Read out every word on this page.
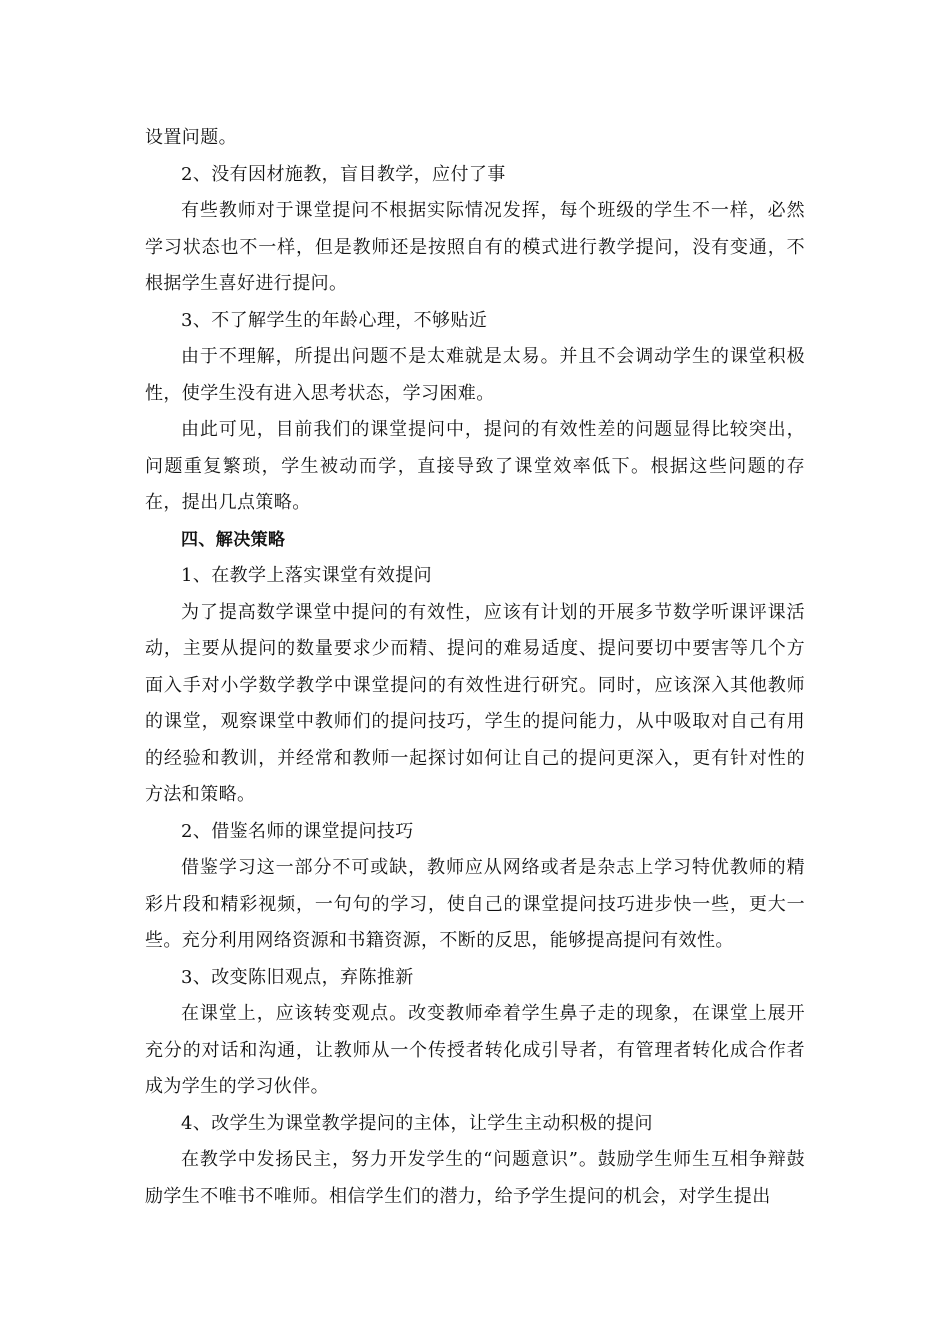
设置问题。

2、没有因材施教，盲目教学，应付了事

有些教师对于课堂提问不根据实际情况发挥，每个班级的学生不一样，必然学习状态也不一样，但是教师还是按照自有的模式进行教学提问，没有变通，不根据学生喜好进行提问。

3、不了解学生的年龄心理，不够贴近

由于不理解，所提出问题不是太难就是太易。并且不会调动学生的课堂积极性，使学生没有进入思考状态，学习困难。

由此可见，目前我们的课堂提问中，提问的有效性差的问题显得比较突出，问题重复繁琐，学生被动而学，直接导致了课堂效率低下。根据这些问题的存在，提出几点策略。

四、解决策略

1、在教学上落实课堂有效提问

为了提高数学课堂中提问的有效性，应该有计划的开展多节数学听课评课活动，主要从提问的数量要求少而精、提问的难易适度、提问要切中要害等几个方面入手对小学数学教学中课堂提问的有效性进行研究。同时，应该深入其他教师的课堂，观察课堂中教师们的提问技巧，学生的提问能力，从中吸取对自己有用的经验和教训，并经常和教师一起探讨如何让自己的提问更深入，更有针对性的方法和策略。

2、借鉴名师的课堂提问技巧

借鉴学习这一部分不可或缺，教师应从网络或者是杂志上学习特优教师的精彩片段和精彩视频，一句句的学习，使自己的课堂提问技巧进步快一些，更大一些。充分利用网络资源和书籍资源，不断的反思，能够提高提问有效性。

3、改变陈旧观点，弃陈推新

在课堂上，应该转变观点。改变教师牵着学生鼻子走的现象，在课堂上展开充分的对话和沟通，让教师从一个传授者转化成引导者，有管理者转化成合作者成为学生的学习伙伴。

4、改学生为课堂教学提问的主体，让学生主动积极的提问

在教学中发扬民主，努力开发学生的“问题意识”。鼓励学生师生互相争辩鼓励学生不唯书不唯师。相信学生们的潜力，给予学生提问的机会，对学生提出
